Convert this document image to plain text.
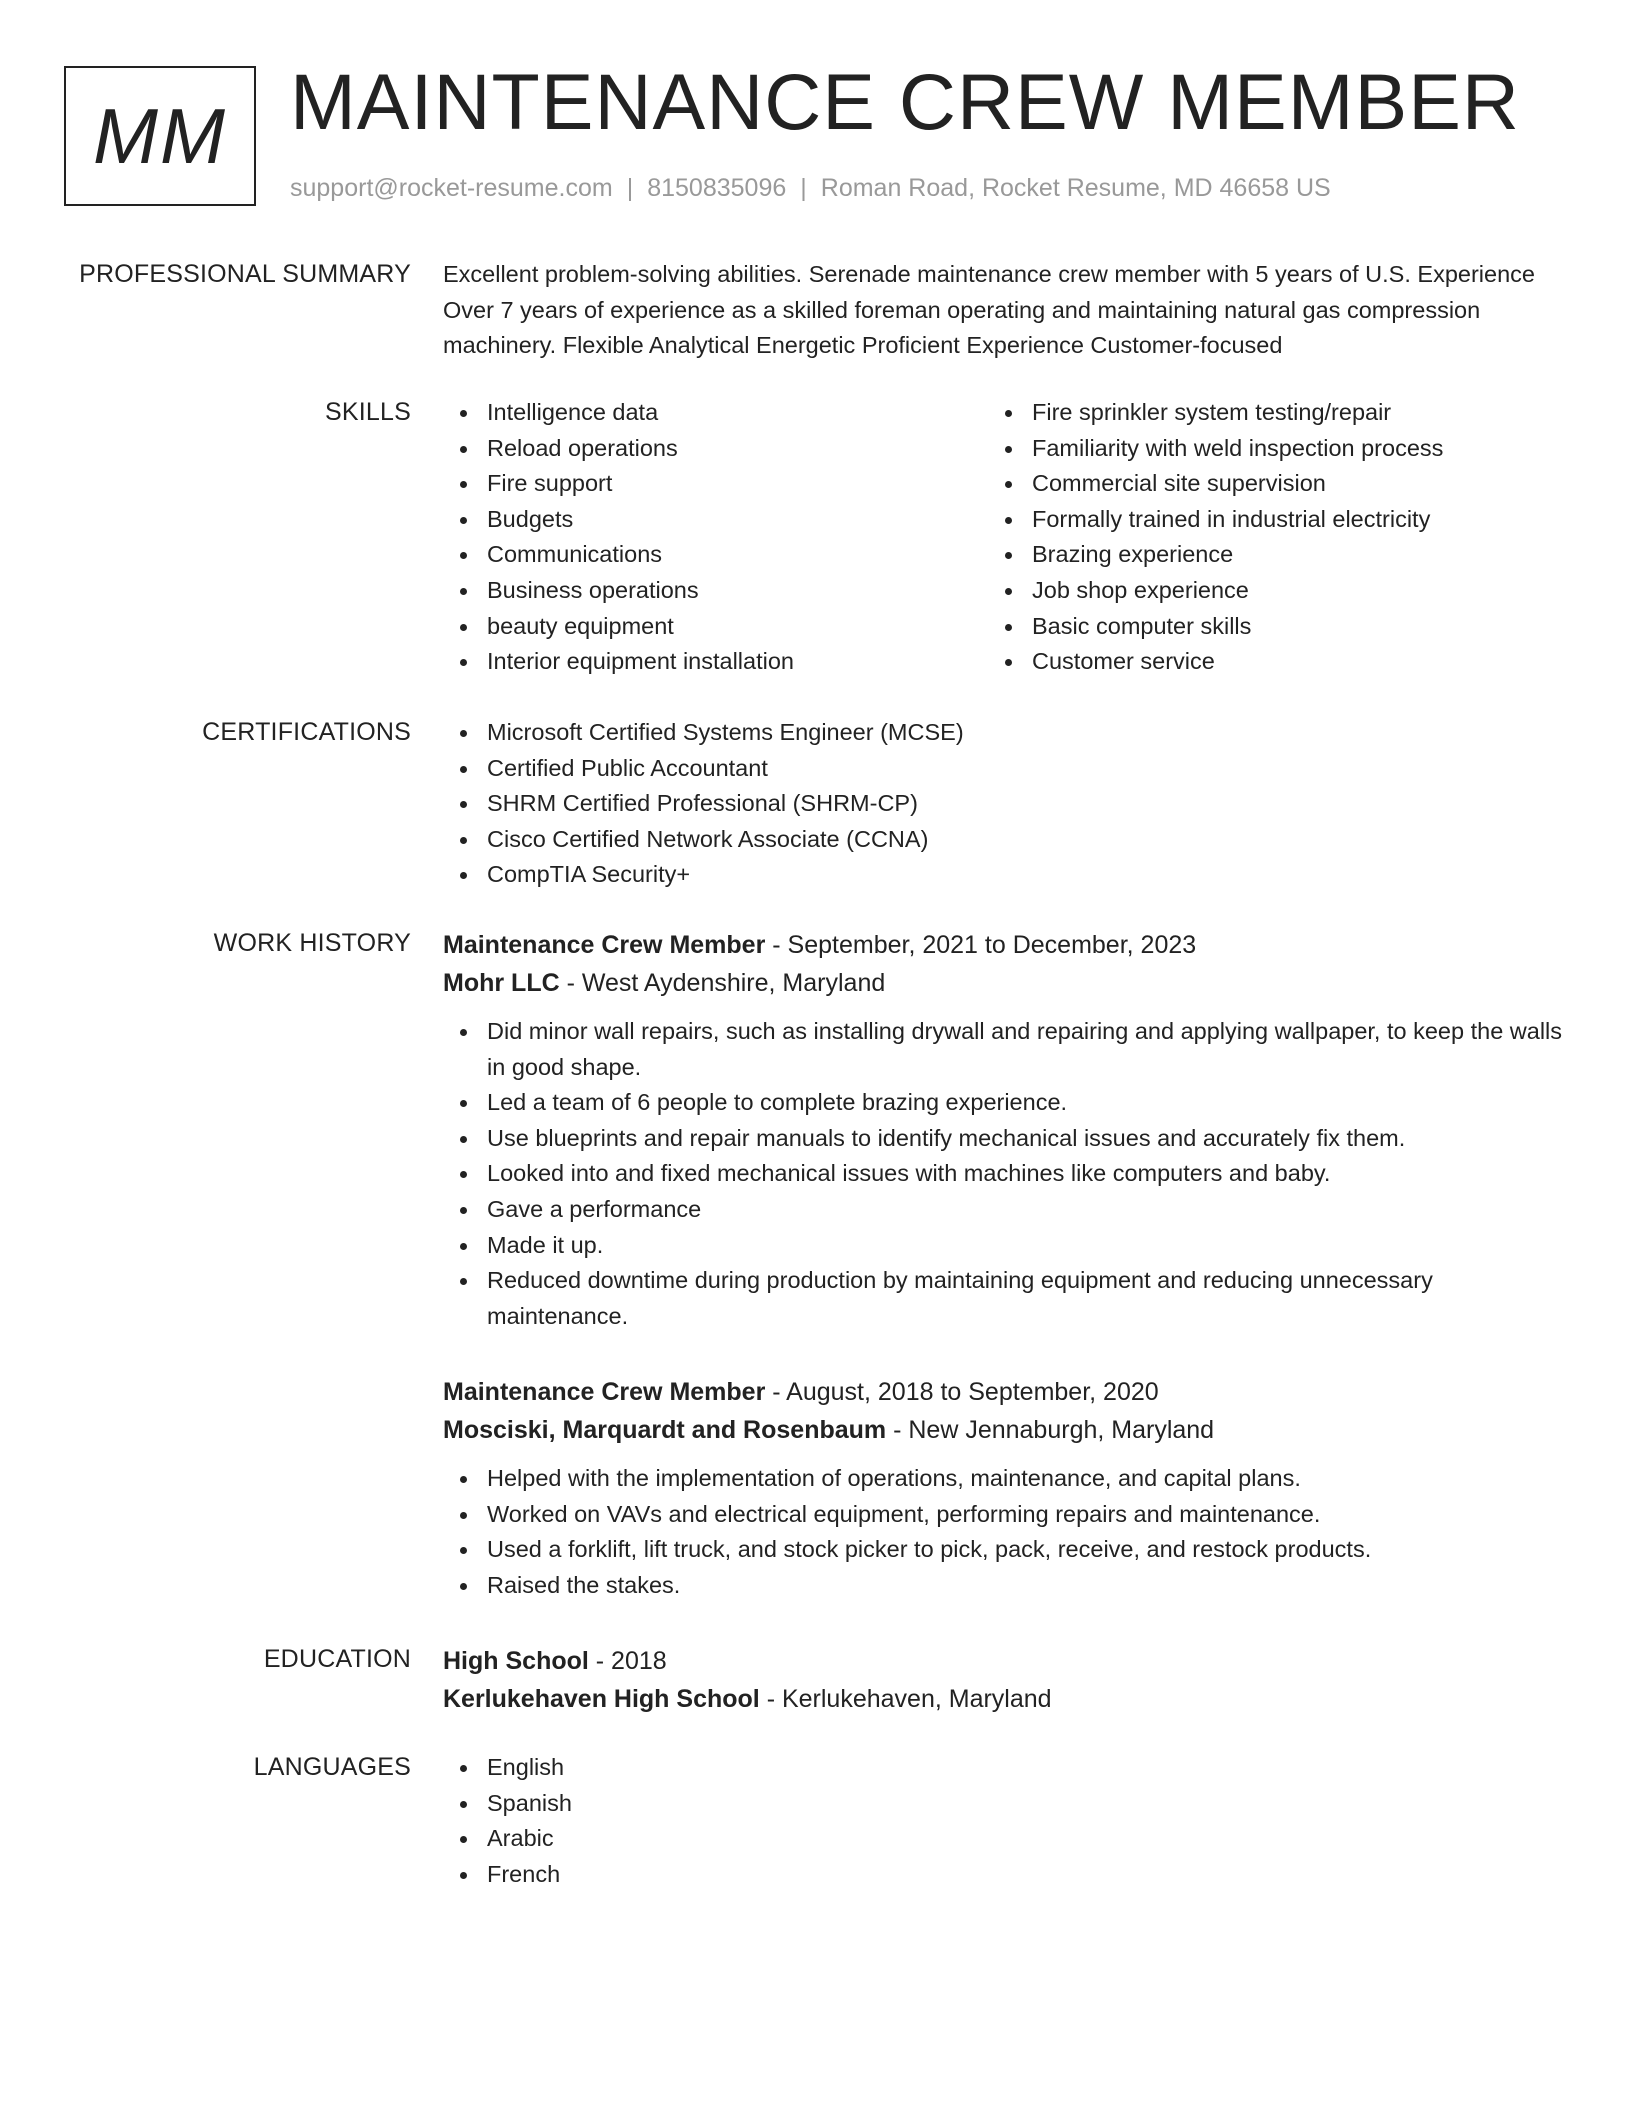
MM MAINTENANCE CREW MEMBER
support@rocket-resume.com | 8150835096 | Roman Road, Rocket Resume, MD 46658 US
PROFESSIONAL SUMMARY Excellent problem-solving abilities. Serenade maintenance crew member with 5 years of U.S. Experience Over 7 years of experience as a skilled foreman operating and maintaining natural gas compression machinery. Flexible Analytical Energetic Proficient Experience Customer-focused

SKILLS	Intelligence data
Reload operations
Fire support
Budgets
Communications
Business operations
beauty equipment
Interior equipment installation
Fire sprinkler system testing/repair
Familiarity with weld inspection process
Commercial site supervision
Formally trained in industrial electricity
Brazing experience
Job shop experience
Basic computer skills
Customer service
CERTIFICATIONS	Microsoft Certified Systems Engineer (MCSE)
Certified Public Accountant
SHRM Certified Professional (SHRM-CP)
Cisco Certified Network Associate (CCNA)
CompTIA Security+
WORK HISTORY Maintenance Crew Member - September, 2021 to December, 2023
Mohr LLC - West Aydenshire, Maryland
Did minor wall repairs, such as installing drywall and repairing and applying wallpaper, to keep the walls in good shape.
Led a team of 6 people to complete brazing experience.
Use blueprints and repair manuals to identify mechanical issues and accurately fix them.
Looked into and fixed mechanical issues with machines like computers and baby.
Gave a performance
Made it up.
Reduced downtime during production by maintaining equipment and reducing unnecessary maintenance.
Maintenance Crew Member - August, 2018 to September, 2020
Mosciski, Marquardt and Rosenbaum - New Jennaburgh, Maryland
Helped with the implementation of operations, maintenance, and capital plans.
Worked on VAVs and electrical equipment, performing repairs and maintenance.
Used a forklift, lift truck, and stock picker to pick, pack, receive, and restock products.
Raised the stakes.
EDUCATION High School - 2018
Kerlukehaven High School - Kerlukehaven, Maryland
LANGUAGES	English
Spanish
Arabic
French
